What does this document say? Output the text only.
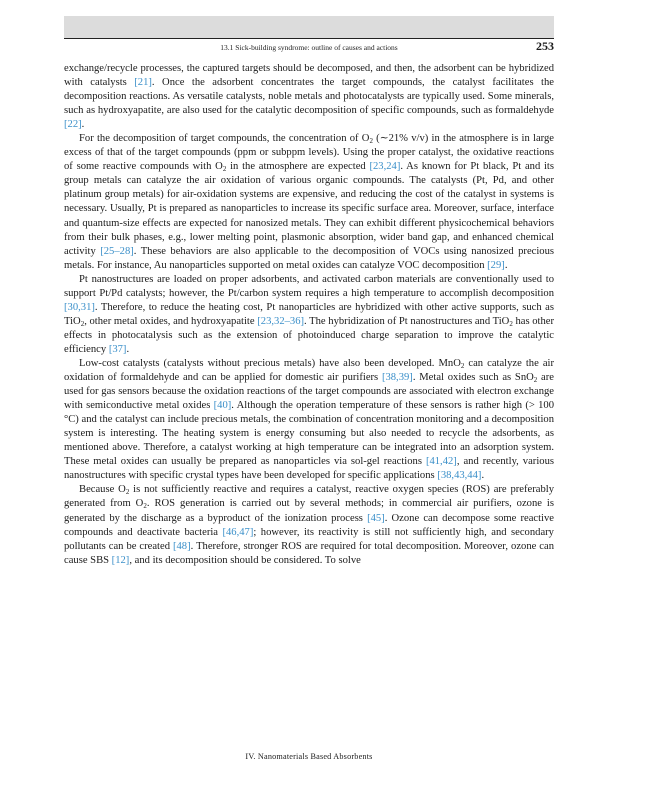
13.1 Sick-building syndrome: outline of causes and actions	253

exchange/recycle processes, the captured targets should be decomposed, and then, the adsorbent can be hybridized with catalysts [21]. Once the adsorbent concentrates the target compounds, the catalyst facilitates the decomposition reactions. As versatile catalysts, noble metals and photocatalysts are typically used. Some minerals, such as hydroxyapatite, are also used for the catalytic decomposition of specific compounds, such as formaldehyde [22].

For the decomposition of target compounds, the concentration of $O_2$ (∼21% v/v) in the atmosphere is in large excess of that of the target compounds (ppm or subppm levels). Using the proper catalyst, the oxidative reactions of some reactive compounds with $O_2$ in the atmosphere are expected [23,24]. As known for Pt black, Pt and its group metals can catalyze the air oxidation of various organic compounds. The catalysts (Pt, Pd, and other platinum group metals) for air-oxidation systems are expensive, and reducing the cost of the catalyst in systems is necessary. Usually, Pt is prepared as nanoparticles to increase its specific surface area. Moreover, surface, interface and quantum-size effects are expected for nanosized metals. They can exhibit different physicochemical behaviors from their bulk phases, e.g., lower melting point, plasmonic absorption, wider band gap, and enhanced chemical activity [25–28]. These behaviors are also applicable to the decomposition of VOCs using nanosized precious metals. For instance, Au nanoparticles supported on metal oxides can catalyze VOC decomposition [29].

Pt nanostructures are loaded on proper adsorbents, and activated carbon materials are conventionally used to support Pt/Pd catalysts; however, the Pt/carbon system requires a high temperature to accomplish decomposition [30,31]. Therefore, to reduce the heating cost, Pt nanoparticles are hybridized with other active supports, such as TiO$_2$, other metal oxides, and hydroxyapatite [23,32–36]. The hybridization of Pt nanostructures and TiO$_2$ has other effects in photocatalysis such as the extension of photoinduced charge separation to improve the catalytic efficiency [37].

Low-cost catalysts (catalysts without precious metals) have also been developed. MnO$_2$ can catalyze the air oxidation of formaldehyde and can be applied for domestic air purifiers [38,39]. Metal oxides such as SnO$_2$ are used for gas sensors because the oxidation reactions of the target compounds are associated with electron exchange with semiconductive metal oxides [40]. Although the operation temperature of these sensors is rather high (> 100 °C) and the catalyst can include precious metals, the combination of concentration monitoring and a decomposition system is interesting. The heating system is energy consuming but also needed to recycle the adsorbents, as mentioned above. Therefore, a catalyst working at high temperature can be integrated into an adsorption system. These metal oxides can usually be prepared as nanoparticles via sol-gel reactions [41,42], and recently, various nanostructures with specific crystal types have been developed for specific applications [38,43,44].

Because $O_2$ is not sufficiently reactive and requires a catalyst, reactive oxygen species (ROS) are preferably generated from $O_2$. ROS generation is carried out by several methods; in commercial air purifiers, ozone is generated by the discharge as a byproduct of the ionization process [45]. Ozone can decompose some reactive compounds and deactivate bacteria [46,47]; however, its reactivity is still not sufficiently high, and secondary pollutants can be created [48]. Therefore, stronger ROS are required for total decomposition. Moreover, ozone can cause SBS [12], and its decomposition should be considered. To solve

IV. Nanomaterials Based Absorbents
